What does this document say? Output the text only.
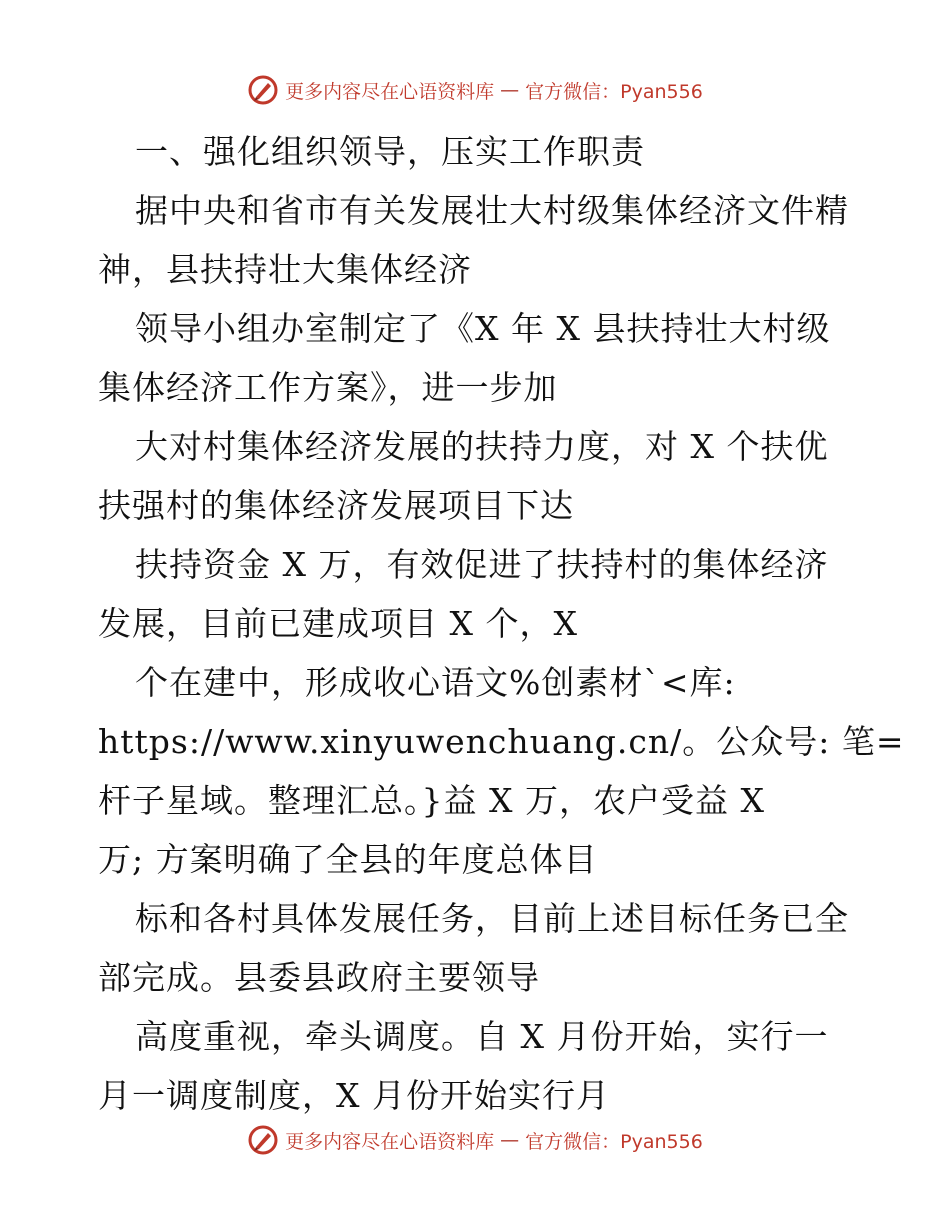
更多内容尽在心语资料库 — 官方微信：Pyan556
一、强化组织领导，压实工作职责
据中央和省市有关发展壮大村级集体经济文件精
神，县扶持壮大集体经济
领导小组办室制定了《X 年 X 县扶持壮大村级
集体经济工作方案》，进一步加
大对村集体经济发展的扶持力度，对 X 个扶优
扶强村的集体经济发展项目下达
扶持资金 X 万，有效促进了扶持村的集体经济
发展，目前已建成项目 X 个，X
个在建中，形成收心语文%创素材`<库:
https://www.xinyuwenchuang.cn/。公众号: 笔=
杆子星域。整理汇总。}益 X 万，农户受益 X
万; 方案明确了全县的年度总体目
标和各村具体发展任务，目前上述目标任务已全
部完成。县委县政府主要领导
高度重视，牵头调度。自 X 月份开始，实行一
月一调度制度，X 月份开始实行月
更多内容尽在心语资料库 — 官方微信：Pyan556
